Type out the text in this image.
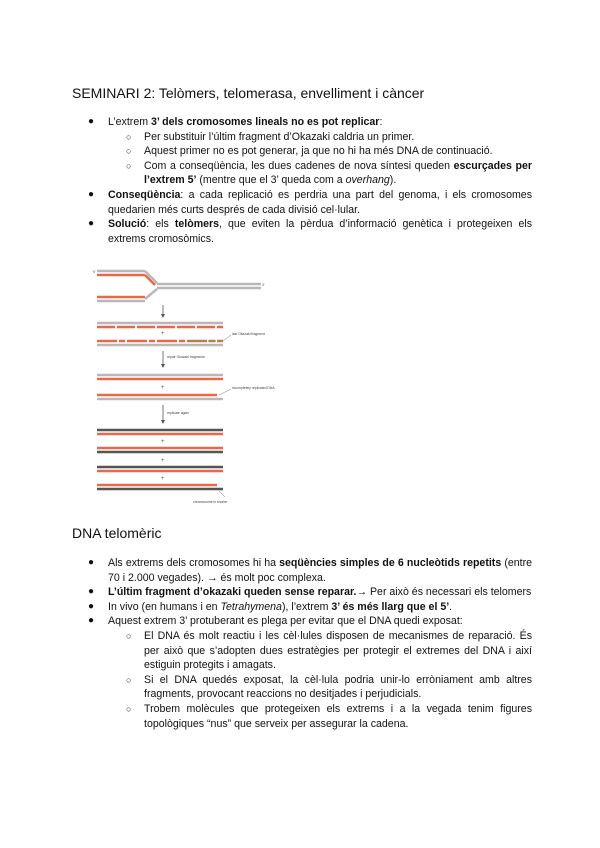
SEMINARI 2: Telòmers, telomerasa, envelliment i càncer
● L’extrem 3’ dels cromosomes lineals no es pot replicar:
○ Per substituir l’últim fragment d’Okazaki caldria un primer.
○ Aquest primer no es pot generar, ja que no hi ha més DNA de continuació.
○ Com a conseqüència, les dues cadenes de nova síntesi queden escurçades per l’extrem 5’ (mentre que el 3’ queda com a overhang).
● Conseqüència: a cada replicació es perdria una part del genoma, i els cromosomes quedarien més curts després de cada divisió cel·lular.
● Solució: els telòmers, que eviten la pèrdua d’informació genètica i protegeixen els extrems cromosòmics.
5'
3'
+	last Okazaki fragment
repair Okazaki fragments
+	incompletely replicated DNA
replicate again
+
+
+
chromosome is shorter
DNA telomèric
● Als extrems dels cromosomes hi ha seqüències simples de 6 nucleòtids repetits (entre 70 i 2.000 vegades). → és molt poc complexa.
● L’últim fragment d’okazaki queden sense reparar.→ Per això és necessari els telomers
● In vivo (en humans i en Tetrahymena), l’extrem 3’ és més llarg que el 5’.
● Aquest extrem 3’ protuberant es plega per evitar que el DNA quedi exposat:
○ El DNA és molt reactiu i les cèl·lules disposen de mecanismes de reparació. És per això que s’adopten dues estratègies per protegir el extremes del DNA i així estiguin protegits i amagats.
○ Si el DNA quedés exposat, la cèl·lula podria unir-lo erròniament amb altres fragments, provocant reaccions no desitjades i perjudicials.
○ Trobem molècules que protegeixen els extrems i a la vegada tenim figures topològiques “nus” que serveix per assegurar la cadena.
